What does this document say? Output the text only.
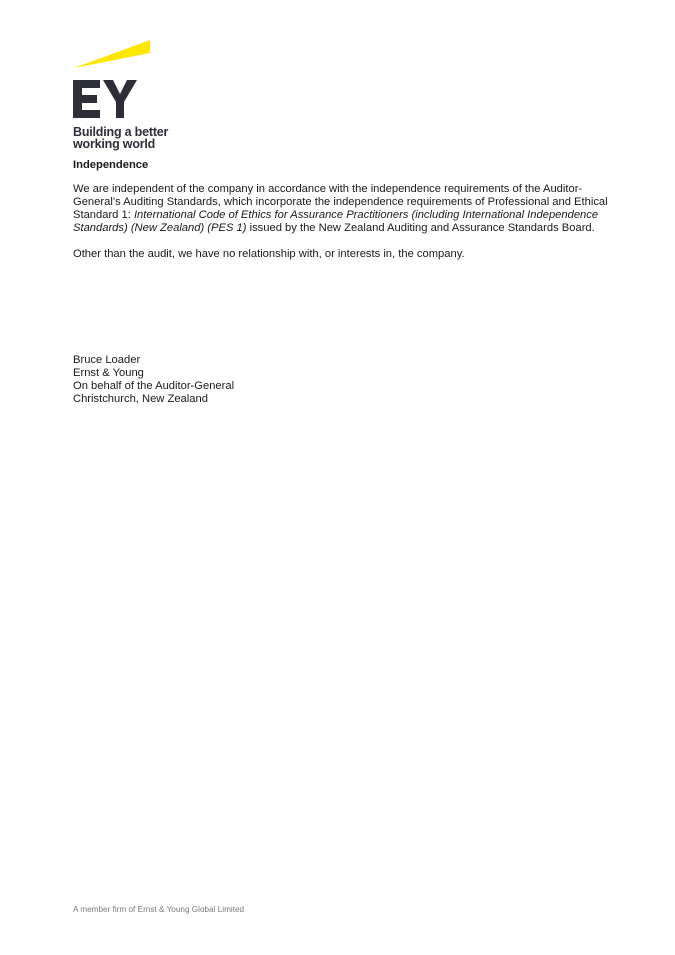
Building a better
working world
Independence

We are independent of the company in accordance with the independence requirements of the Auditor-General’s Auditing Standards, which incorporate the independence requirements of Professional and Ethical Standard 1: International Code of Ethics for Assurance Practitioners (including International Independence Standards) (New Zealand) (PES 1) issued by the New Zealand Auditing and Assurance Standards Board.

Other than the audit, we have no relationship with, or interests in, the company.

Bruce Loader
Ernst & Young
On behalf of the Auditor-General
Christchurch, New Zealand
A member firm of Ernst & Young Global Limited
